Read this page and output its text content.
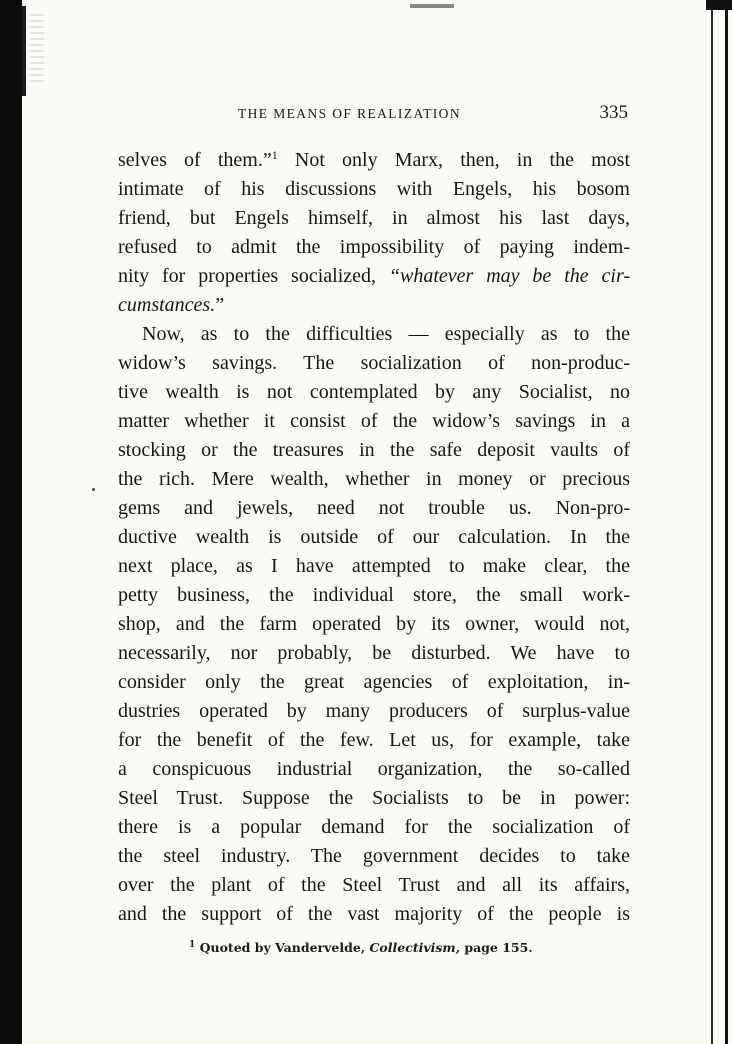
THE MEANS OF REALIZATION	335
selves of them.”$^1$ Not only Marx, then, in the most
intimate of his discussions with Engels, his bosom
friend, but Engels himself, in almost his last days,
refused to admit the impossibility of paying indem-
nity for properties socialized, “whatever may be the cir-
cumstances.”
Now, as to the difficulties — especially as to the
widow’s savings. The socialization of non-produc-
tive wealth is not contemplated by any Socialist, no
matter whether it consist of the widow’s savings in a
stocking or the treasures in the safe deposit vaults of
the rich. Mere wealth, whether in money or precious
gems and jewels, need not trouble us. Non-pro-
ductive wealth is outside of our calculation. In the
next place, as I have attempted to make clear, the
petty business, the individual store, the small work-
shop, and the farm operated by its owner, would not,
necessarily, nor probably, be disturbed. We have to
consider only the great agencies of exploitation, in-
dustries operated by many producers of surplus-value
for the benefit of the few. Let us, for example, take
a conspicuous industrial organization, the so-called
Steel Trust. Suppose the Socialists to be in power:
there is a popular demand for the socialization of
the steel industry. The government decides to take
over the plant of the Steel Trust and all its affairs,
and the support of the vast majority of the people is
$^1$ Quoted by Vandervelde, Collectivism, page 155.
